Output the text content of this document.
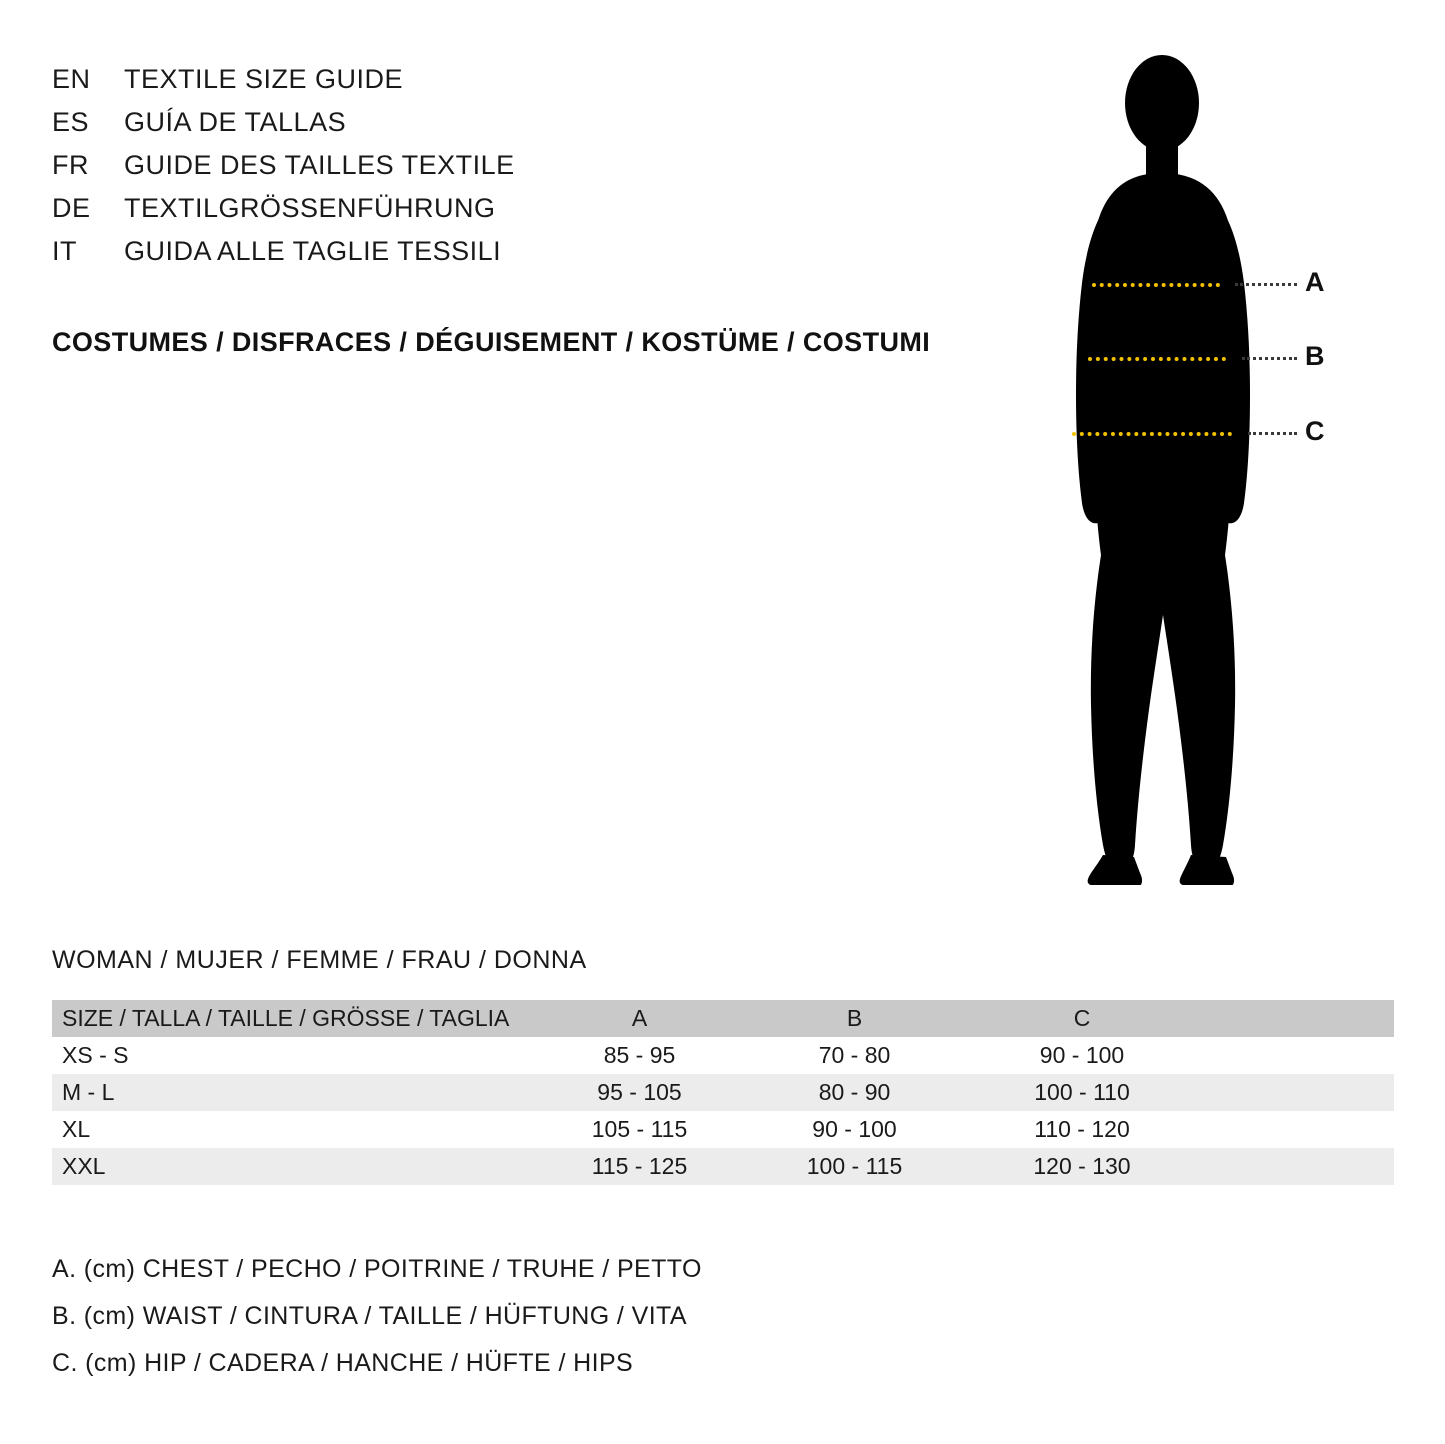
EN	TEXTILE SIZE GUIDE
ES	GUÍA DE TALLAS
FR	GUIDE DES TAILLES TEXTILE
DE	TEXTILGRÖSSENFÜHRUNG
IT	GUIDA ALLE TAGLIE TESSILI
COSTUMES / DISFRACES / DÉGUISEMENT / KOSTÜME / COSTUMI
A
B
C
WOMAN / MUJER / FEMME / FRAU / DONNA
SIZE / TALLA / TAILLE / GRÖSSE / TAGLIA	A	B	C	
XS - S	85 - 95	70 - 80	90 - 100	
M - L	95 - 105	80 - 90	100 - 110	
XL	105 - 115	90 - 100	110 - 120	
XXL	115 - 125	100 - 115	120 - 130	
A. (cm) CHEST / PECHO / POITRINE / TRUHE / PETTO
B. (cm) WAIST / CINTURA / TAILLE / HÜFTUNG / VITA
C. (cm) HIP / CADERA / HANCHE / HÜFTE / HIPS
